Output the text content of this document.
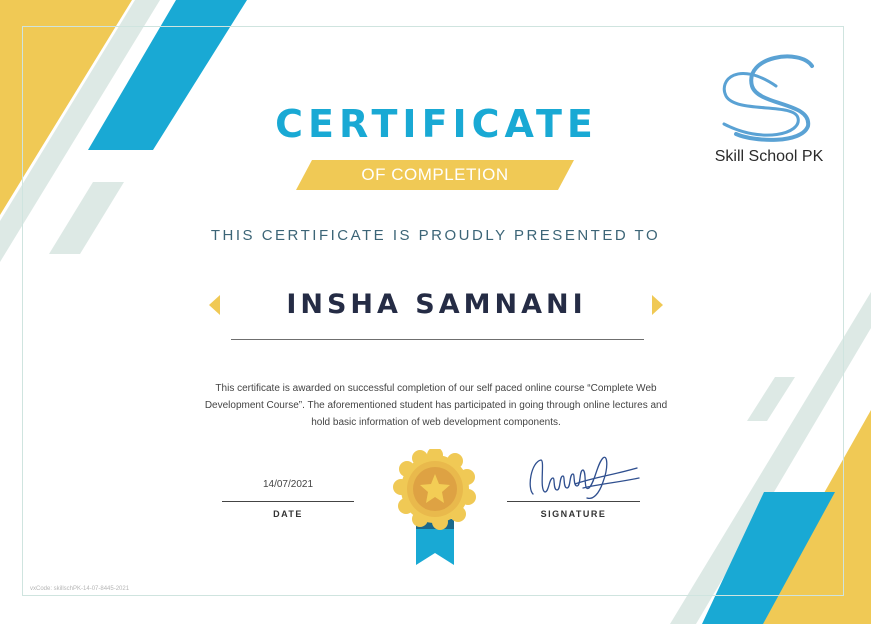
Skill School PK
CERTIFICATE
OF COMPLETION
THIS CERTIFICATE IS PROUDLY PRESENTED TO
INSHA SAMNANI
This certificate is awarded on successful completion of our self paced online course “Complete Web Development Course”. The aforementioned student has participated in going through online lectures and hold basic information of web development components.
14/07/2021
DATE	SIGNATURE
vxCode: skillschPK-14-07-8445-2021
